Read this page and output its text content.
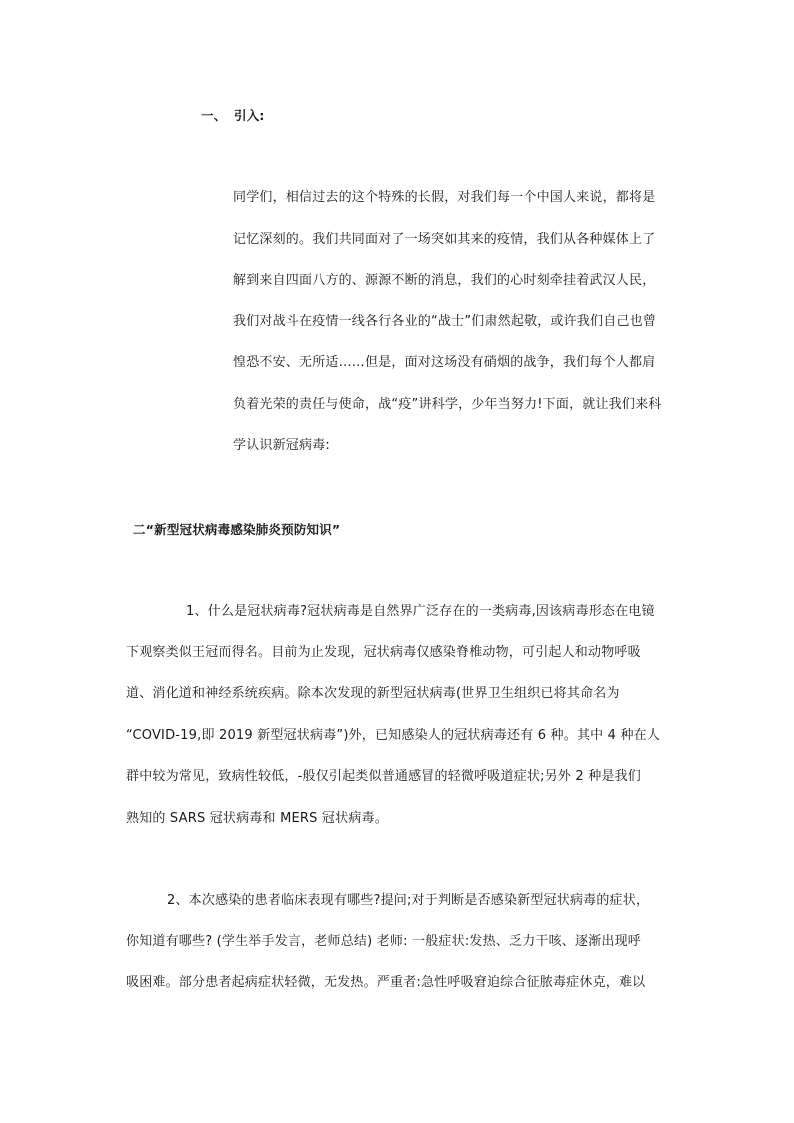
一、 引入:
同学们，相信过去的这个特殊的长假，对我们每一个中国人来说，都将是
记忆深刻的。我们共同面对了一场突如其来的疫情，我们从各种媒体上了
解到来自四面八方的、源源不断的消息，我们的心时刻牵挂着武汉人民，
我们对战斗在疫情一线各行各业的“战士”们肃然起敬，或许我们自己也曾
惶恐不安、无所适……但是，面对这场没有硝烟的战争，我们每个人都肩
负着光荣的责任与使命，战“疫”讲科学，少年当努力!下面，就让我们来科
学认识新冠病毒:
二“新型冠状病毒感染肺炎预防知识”
1、什么是冠状病毒?冠状病毒是自然界广泛存在的一类病毒,因该病毒形态在电镜
下观察类似王冠而得名。目前为止发现，冠状病毒仅感染脊椎动物，可引起人和动物呼吸
道、消化道和神经系统疾病。除本次发现的新型冠状病毒(世界卫生组织已将其命名为
“COVID-19,即 2019 新型冠状病毒”)外，已知感染人的冠状病毒还有 6 种。其中 4 种在人
群中较为常见，致病性较低，-般仅引起类似普通感冒的轻微呼吸道症状;另外 2 种是我们
熟知的 SARS 冠状病毒和 MERS 冠状病毒。
2、本次感染的患者临床表现有哪些?提问;对于判断是否感染新型冠状病毒的症状，
你知道有哪些? (学生举手发言，老师总结) 老师: 一般症状:发热、乏力干咳、逐渐出现呼
吸困难。部分患者起病症状轻微，无发热。严重者:急性呼吸窘迫综合征脓毒症休克，难以
